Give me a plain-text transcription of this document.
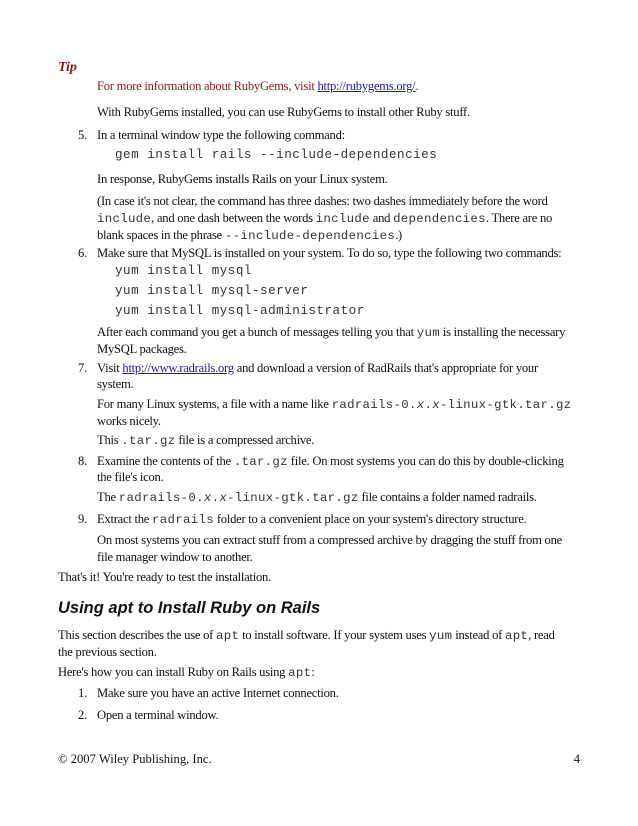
Tip
For more information about RubyGems, visit http://rubygems.org/.
With RubyGems installed, you can use RubyGems to install other Ruby stuff.
5. In a terminal window type the following command:
gem install rails --include-dependencies
In response, RubyGems installs Rails on your Linux system.
(In case it's not clear, the command has three dashes: two dashes immediately before the word
include, and one dash between the words include and dependencies. There are no
blank spaces in the phrase --include-dependencies.)
6. Make sure that MySQL is installed on your system. To do so, type the following two commands:
yum install mysql
yum install mysql-server
yum install mysql-administrator
After each command you get a bunch of messages telling you that yum is installing the necessary
MySQL packages.
7. Visit http://www.radrails.org and download a version of RadRails that's appropriate for your
system.
For many Linux systems, a file with a name like radrails-0.x.x-linux-gtk.tar.gz
works nicely.
This .tar.gz file is a compressed archive.
8. Examine the contents of the .tar.gz file. On most systems you can do this by double-clicking
the file's icon.
The radrails-0.x.x-linux-gtk.tar.gz file contains a folder named radrails.
9. Extract the radrails folder to a convenient place on your system's directory structure.
On most systems you can extract stuff from a compressed archive by dragging the stuff from one
file manager window to another.
That's it! You're ready to test the installation.
Using apt to Install Ruby on Rails
This section describes the use of apt to install software. If your system uses yum instead of apt, read
the previous section.
Here's how you can install Ruby on Rails using apt:
1. Make sure you have an active Internet connection.
2. Open a terminal window.
© 2007 Wiley Publishing, Inc.	4
